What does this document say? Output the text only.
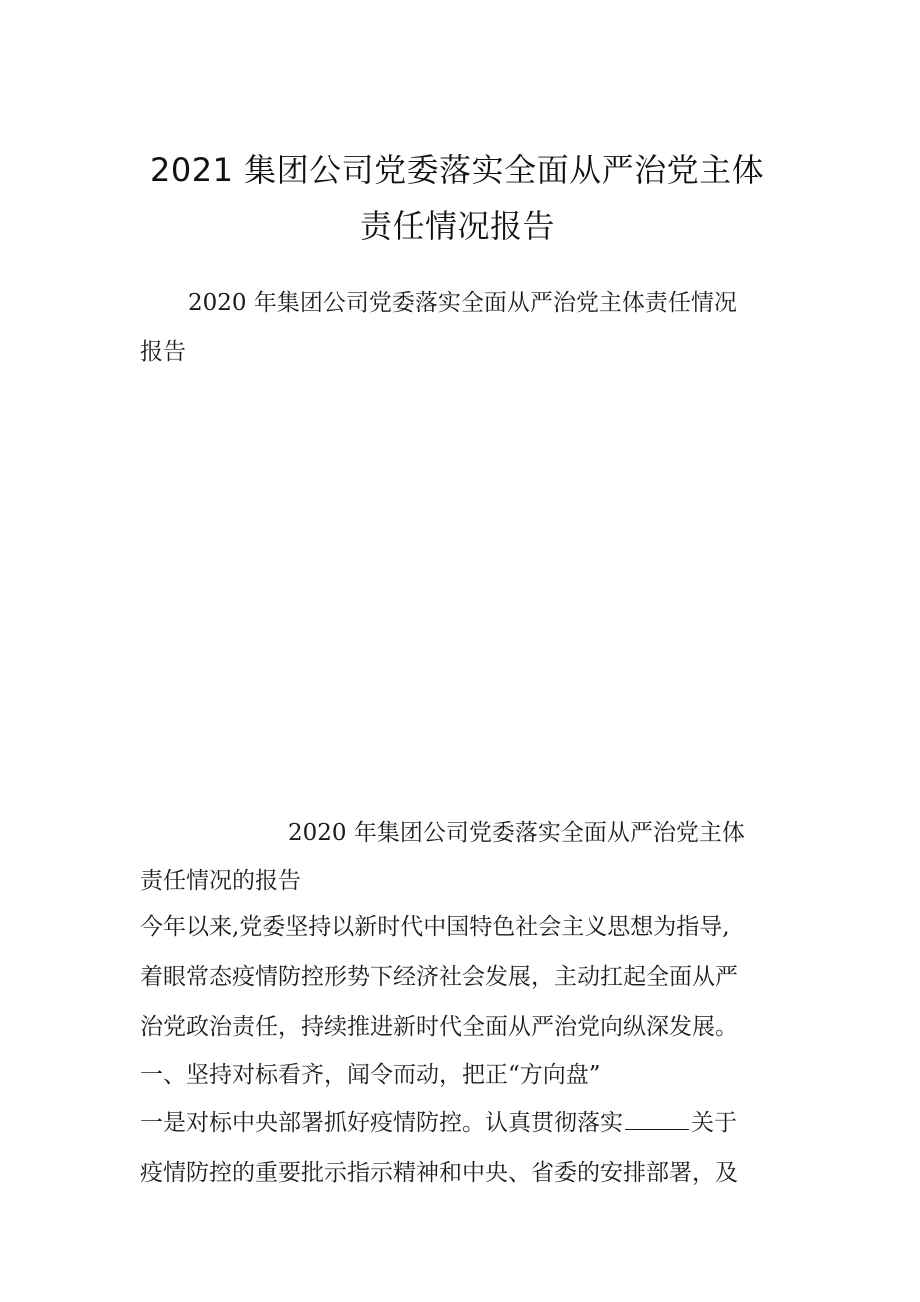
2021 集团公司党委落实全面从严治党主体
责任情况报告
2020 年集团公司党委落实全面从严治党主体责任情况
报告
2020 年集团公司党委落实全面从严治党主体
责任情况的报告
今年以来,党委坚持以新时代中国特色社会主义思想为指导,
着眼常态疫情防控形势下经济社会发展，主动扛起全面从严
治党政治责任，持续推进新时代全面从严治党向纵深发展。
一、坚持对标看齐，闻令而动，把正“方向盘”
一是对标中央部署抓好疫情防控。认真贯彻落实	关于
疫情防控的重要批示指示精神和中央、省委的安排部署，及
